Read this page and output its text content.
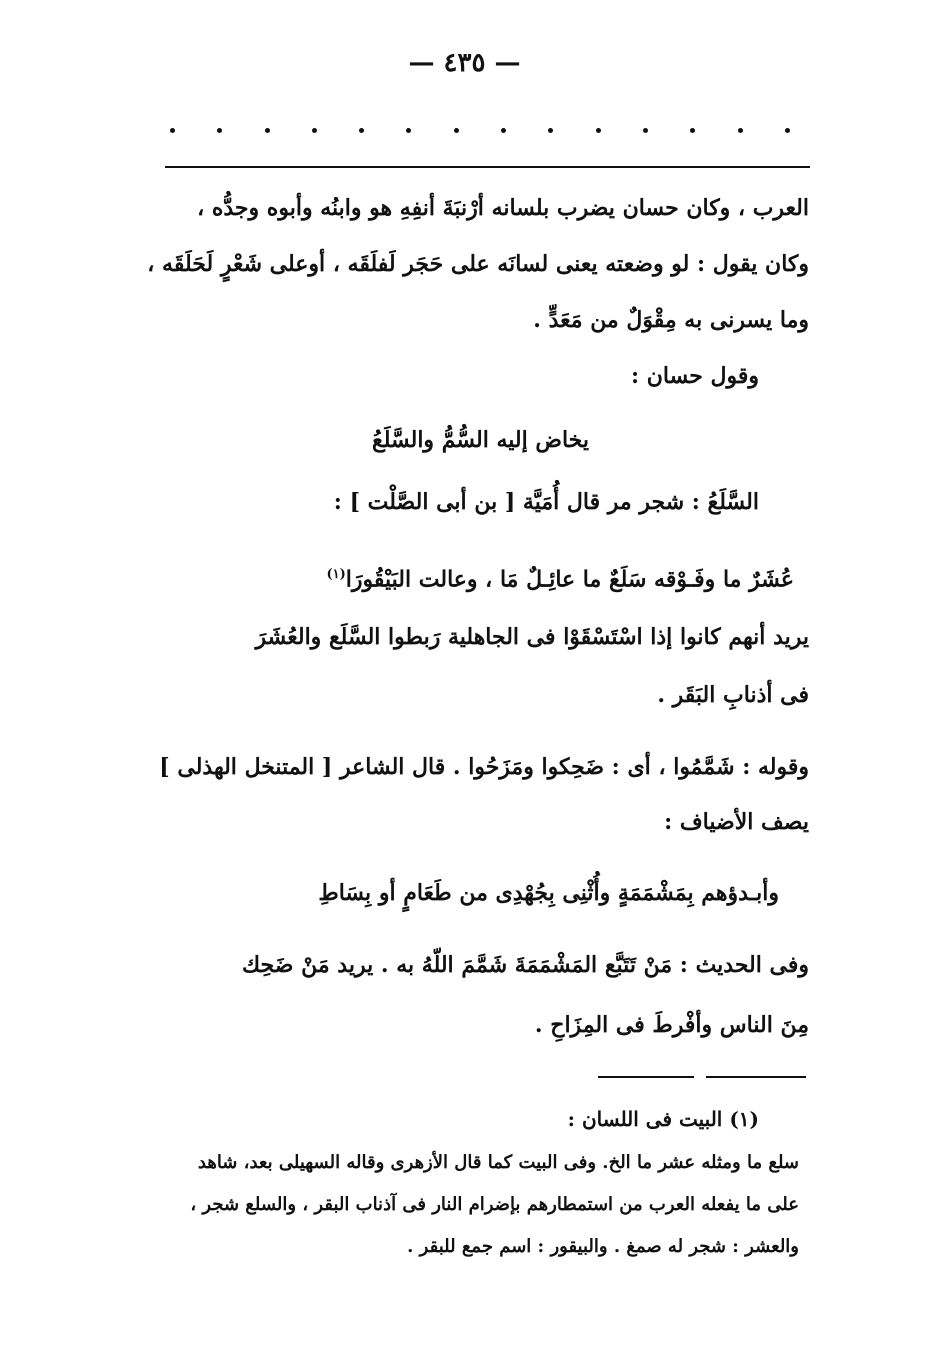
— ٤٣٥ —
العرب ، وكان حسان يضرب بلسانه أرْنبَةَ أنفِهِ هو وابنُه وأبوه وجدُّه ،
وكان يقول : لو وضعته يعنى لسانَه على حَجَر لَفلَقَه ، أوعلى شَعْرٍ لَحَلَقَه ،
وما يسرنى به مِقْوَلٌ من مَعَدٍّ .
وقول حسان :
يخاض إليه السُّمُّ والسَّلَعُ
السَّلَعُ : شجر مر قال أُمَيَّة [ بن أبى الصَّلْت ] :
عُشَرٌ ما وفَـوْقه سَلَعٌ ما عائِـلٌ مَا ، وعالت البَيْقُورَا$^{(١)}$
يريد أنهم كانوا إذا اسْتَسْقَوْا فى الجاهلية رَبطوا السَّلَع والعُشَرَ
فى أذنابِ البَقَر .
وقوله : شَمَّمُوا ، أى : ضَحِكوا ومَزَحُوا . قال الشاعر [ المتنخل الهذلى ]
يصف الأضياف :
وأبـدؤهم بِمَشْمَمَةٍ وأُثْنِى بِجُهْدِى من طَعَامٍ أو بِسَاطِ
وفى الحديث : مَنْ تَتَبَّع المَشْمَمَةَ شَمَّمَ اللّهُ به . يريد مَنْ ضَحِك
مِنَ الناس وأفْرطَ فى المِزَاحِ .
(١) البيت فى اللسان :
سلع ما ومثله عشر ما الخ. وفى البيت كما قال الأزهرى وقاله السهيلى بعد، شاهد
على ما يفعله العرب من استمطارهم بإضرام النار فى آذناب البقر ، والسلع شجر ،
والعشر : شجر له صمغ . والبيقور : اسم جمع للبقر .
